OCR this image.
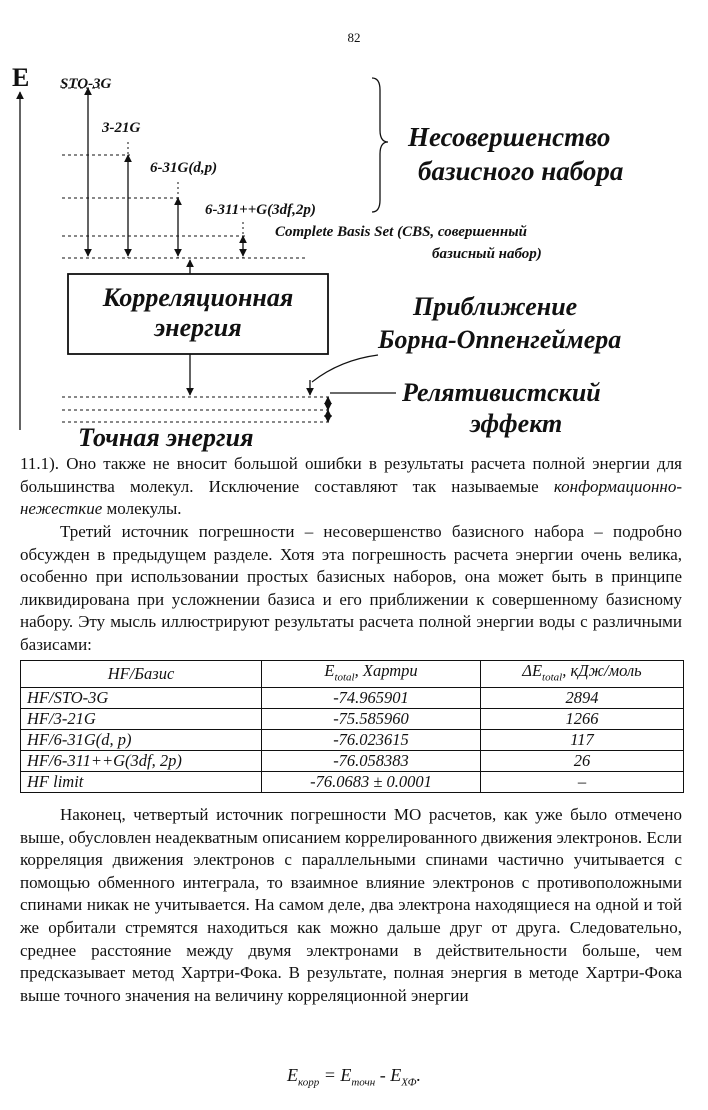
82
E STO-3G
3-21G
6-31G(d,p)
6-311++G(3df,2p)
Complete Basis Set (CBS, совершенный
базисный набор)
Несовершенство
базисного набора
Корреляционная
энергия
Приближение
Борна-Оппенгеймера
Релятивистский
эффект
Точная энергия

11.1). Оно также не вносит большой ошибки в результаты расчета полной энергии для большинства молекул. Исключение составляют так называемые конформационно-нежесткие молекулы.

Третий источник погрешности – несовершенство базисного набора – подробно обсужден в предыдущем разделе. Хотя эта погрешность расчета энергии очень велика, особенно при использовании простых базисных наборов, она может быть в принципе ликвидирована при усложнении базиса и его приближении к совершенному базисному набору. Эту мысль иллюстрируют результаты расчета полной энергии воды с различными базисами:

HF/Базис	$E_{total}$, Хартри	$\Delta E_{total}$, кДж/моль
HF/STO-3G	-74.965901	2894
HF/3-21G	-75.585960	1266
HF/6-31G(d, p)	-76.023615	117
HF/6-311++G(3df, 2p)	-76.058383	26
HF limit	-76.0683 ± 0.0001	–

Наконец, четвертый источник погрешности МО расчетов, как уже было отмечено выше, обусловлен неадекватным описанием коррелированного движения электронов. Если корреляция движения электронов с параллельными спинами частично учитывается с помощью обменного интеграла, то взаимное влияние электронов с противоположными спинами никак не учитывается. На самом деле, два электрона находящиеся на одной и той же орбитали стремятся находиться как можно дальше друг от друга. Следовательно, среднее расстояние между двумя электронами в действительности больше, чем предсказывает метод Хартри-Фока. В результате, полная энергия в методе Хартри-Фока выше точного значения на величину корреляционной энергии

$E_{корр} = E_{точн} - E_{ХФ}$.
